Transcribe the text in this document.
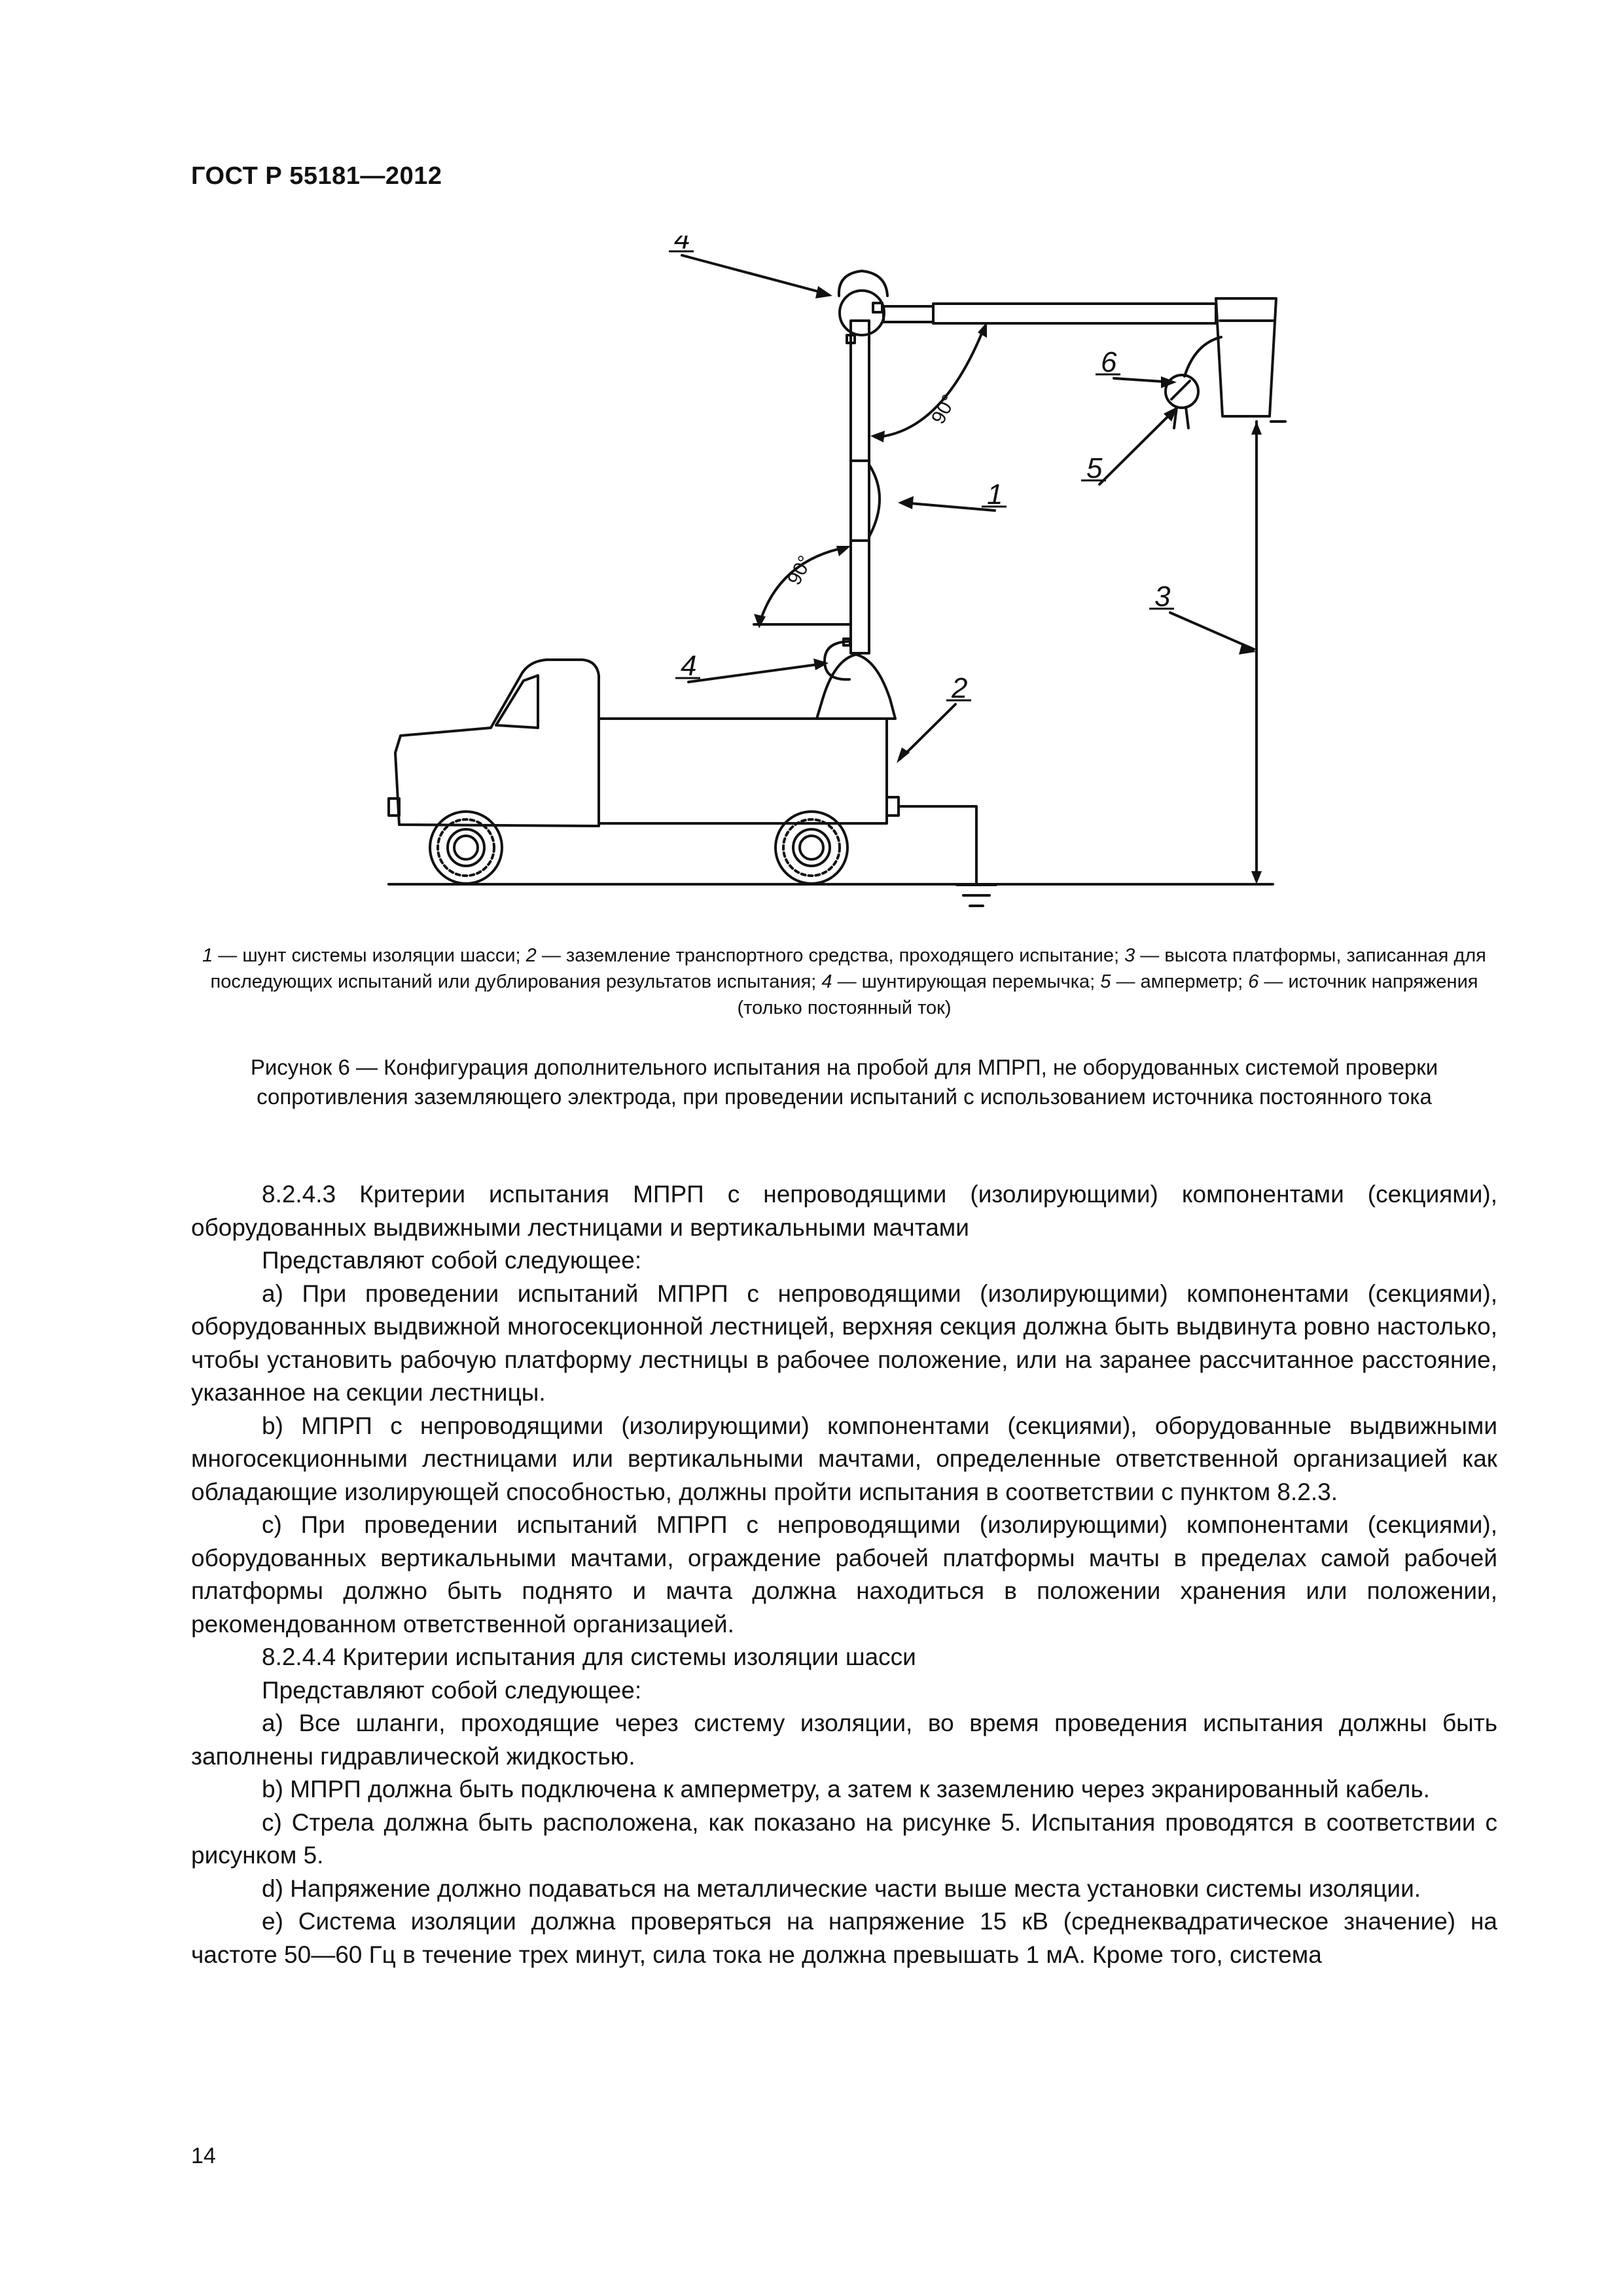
ГОСТ Р 55181—2012
4
6
5
1
3
4
2
90°
90°
1 — шунт системы изоляции шасси; 2 — заземление транспортного средства, проходящего испытание; 3 — высота платформы, записанная для последующих испытаний или дублирования результатов испытания; 4 — шунтирующая перемычка; 5 — амперметр; 6 — источник напряжения (только постоянный ток)
Рисунок 6 — Конфигурация дополнительного испытания на пробой для МПРП, не оборудованных системой проверки сопротивления заземляющего электрода, при проведении испытаний с использованием источника постоянного тока

8.2.4.3 Критерии испытания МПРП с непроводящими (изолирующими) компонентами (секциями), оборудованных выдвижными лестницами и вертикальными мачтами

Представляют собой следующее:

a) При проведении испытаний МПРП с непроводящими (изолирующими) компонентами (секциями), оборудованных выдвижной многосекционной лестницей, верхняя секция должна быть выдвинута ровно настолько, чтобы установить рабочую платформу лестницы в рабочее положение, или на заранее рассчитанное расстояние, указанное на секции лестницы.

b) МПРП с непроводящими (изолирующими) компонентами (секциями), оборудованные выдвижными многосекционными лестницами или вертикальными мачтами, определенные ответственной организацией как обладающие изолирующей способностью, должны пройти испытания в соответствии с пунктом 8.2.3.

c) При проведении испытаний МПРП с непроводящими (изолирующими) компонентами (секциями), оборудованных вертикальными мачтами, ограждение рабочей платформы мачты в пределах самой рабочей платформы должно быть поднято и мачта должна находиться в положении хранения или положении, рекомендованном ответственной организацией.

8.2.4.4 Критерии испытания для системы изоляции шасси

Представляют собой следующее:

a) Все шланги, проходящие через систему изоляции, во время проведения испытания должны быть заполнены гидравлической жидкостью.

b) МПРП должна быть подключена к амперметру, а затем к заземлению через экранированный кабель.

c) Стрела должна быть расположена, как показано на рисунке 5. Испытания проводятся в соответствии с рисунком 5.

d) Напряжение должно подаваться на металлические части выше места установки системы изоляции.

e) Система изоляции должна проверяться на напряжение 15 кВ (среднеквадратическое значение) на частоте 50—60 Гц в течение трех минут, сила тока не должна превышать 1 мА. Кроме того, система

14
